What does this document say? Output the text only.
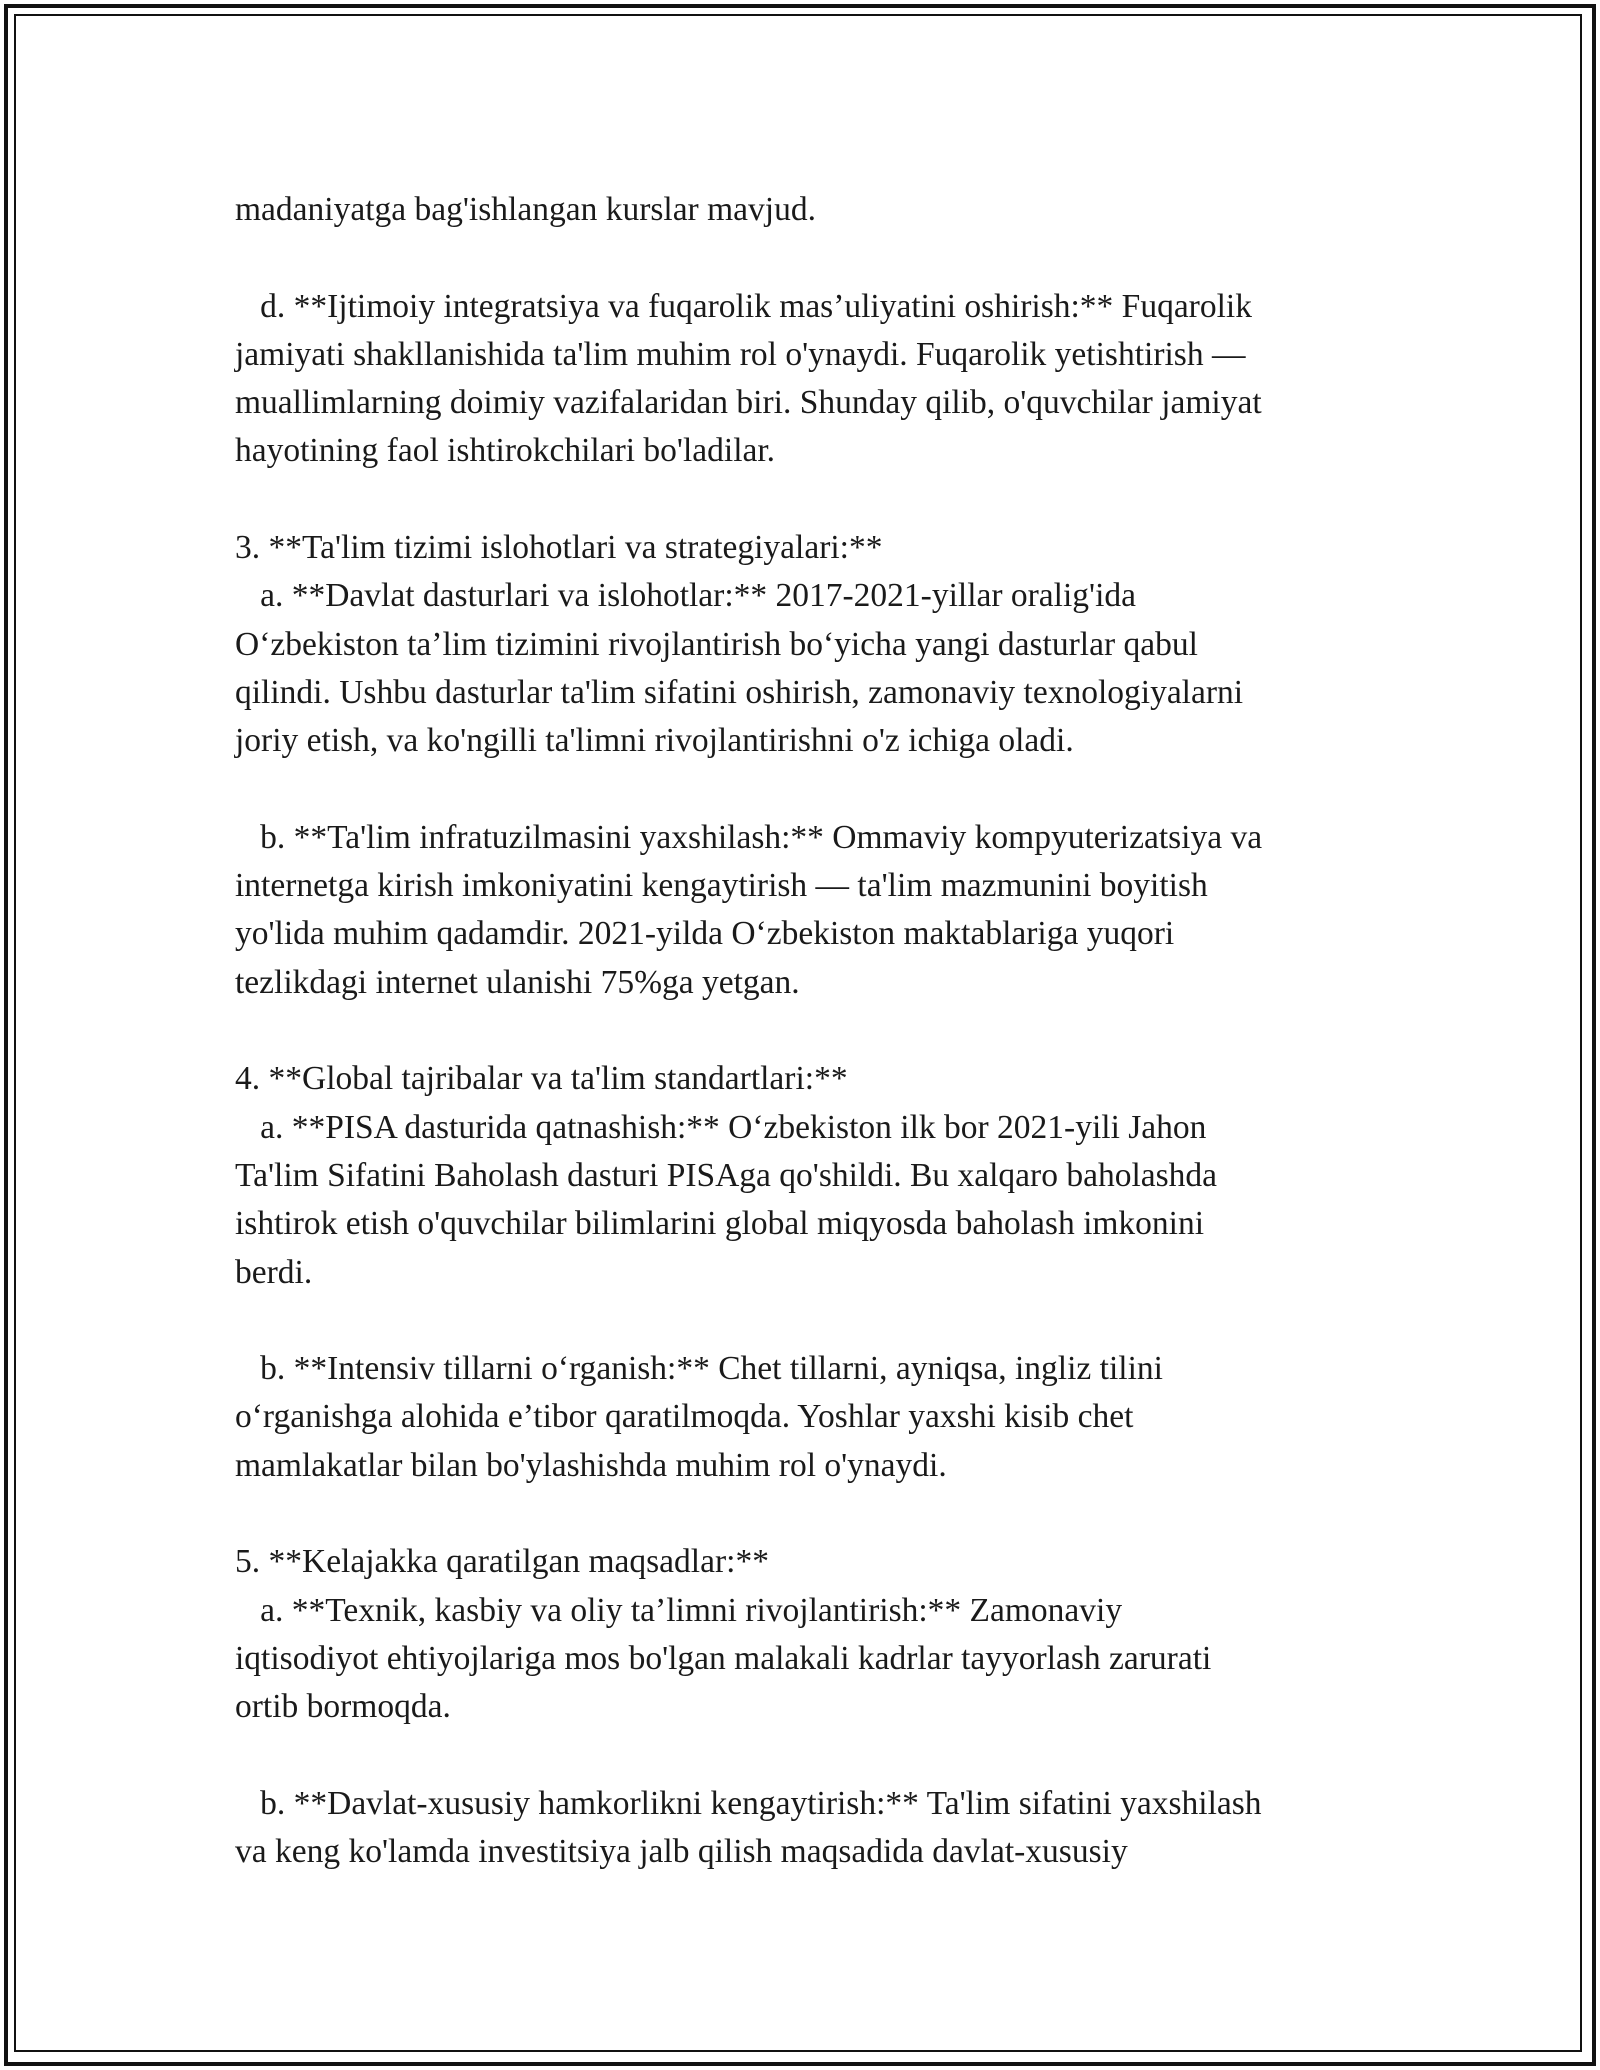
madaniyatga bag'ishlangan kurslar mavjud.
d. **Ijtimoiy integratsiya va fuqarolik mas’uliyatini oshirish:** Fuqarolik
jamiyati shakllanishida ta'lim muhim rol o'ynaydi. Fuqarolik yetishtirish —
muallimlarning doimiy vazifalaridan biri. Shunday qilib, o'quvchilar jamiyat
hayotining faol ishtirokchilari bo'ladilar.
3. **Ta'lim tizimi islohotlari va strategiyalari:**
a. **Davlat dasturlari va islohotlar:** 2017-2021-yillar oralig'ida
O‘zbekiston ta’lim tizimini rivojlantirish bo‘yicha yangi dasturlar qabul
qilindi. Ushbu dasturlar ta'lim sifatini oshirish, zamonaviy texnologiyalarni
joriy etish, va ko'ngilli ta'limni rivojlantirishni o'z ichiga oladi.
b. **Ta'lim infratuzilmasini yaxshilash:** Ommaviy kompyuterizatsiya va
internetga kirish imkoniyatini kengaytirish — ta'lim mazmunini boyitish
yo'lida muhim qadamdir. 2021-yilda O‘zbekiston maktablariga yuqori
tezlikdagi internet ulanishi 75%ga yetgan.
4. **Global tajribalar va ta'lim standartlari:**
a. **PISA dasturida qatnashish:** O‘zbekiston ilk bor 2021-yili Jahon
Ta'lim Sifatini Baholash dasturi PISAga qo'shildi. Bu xalqaro baholashda
ishtirok etish o'quvchilar bilimlarini global miqyosda baholash imkonini
berdi.
b. **Intensiv tillarni o‘rganish:** Chet tillarni, ayniqsa, ingliz tilini
o‘rganishga alohida e’tibor qaratilmoqda. Yoshlar yaxshi kisib chet
mamlakatlar bilan bo'ylashishda muhim rol o'ynaydi.
5. **Kelajakka qaratilgan maqsadlar:**
a. **Texnik, kasbiy va oliy ta’limni rivojlantirish:** Zamonaviy
iqtisodiyot ehtiyojlariga mos bo'lgan malakali kadrlar tayyorlash zarurati
ortib bormoqda.
b. **Davlat-xususiy hamkorlikni kengaytirish:** Ta'lim sifatini yaxshilash
va keng ko'lamda investitsiya jalb qilish maqsadida davlat-xususiy
